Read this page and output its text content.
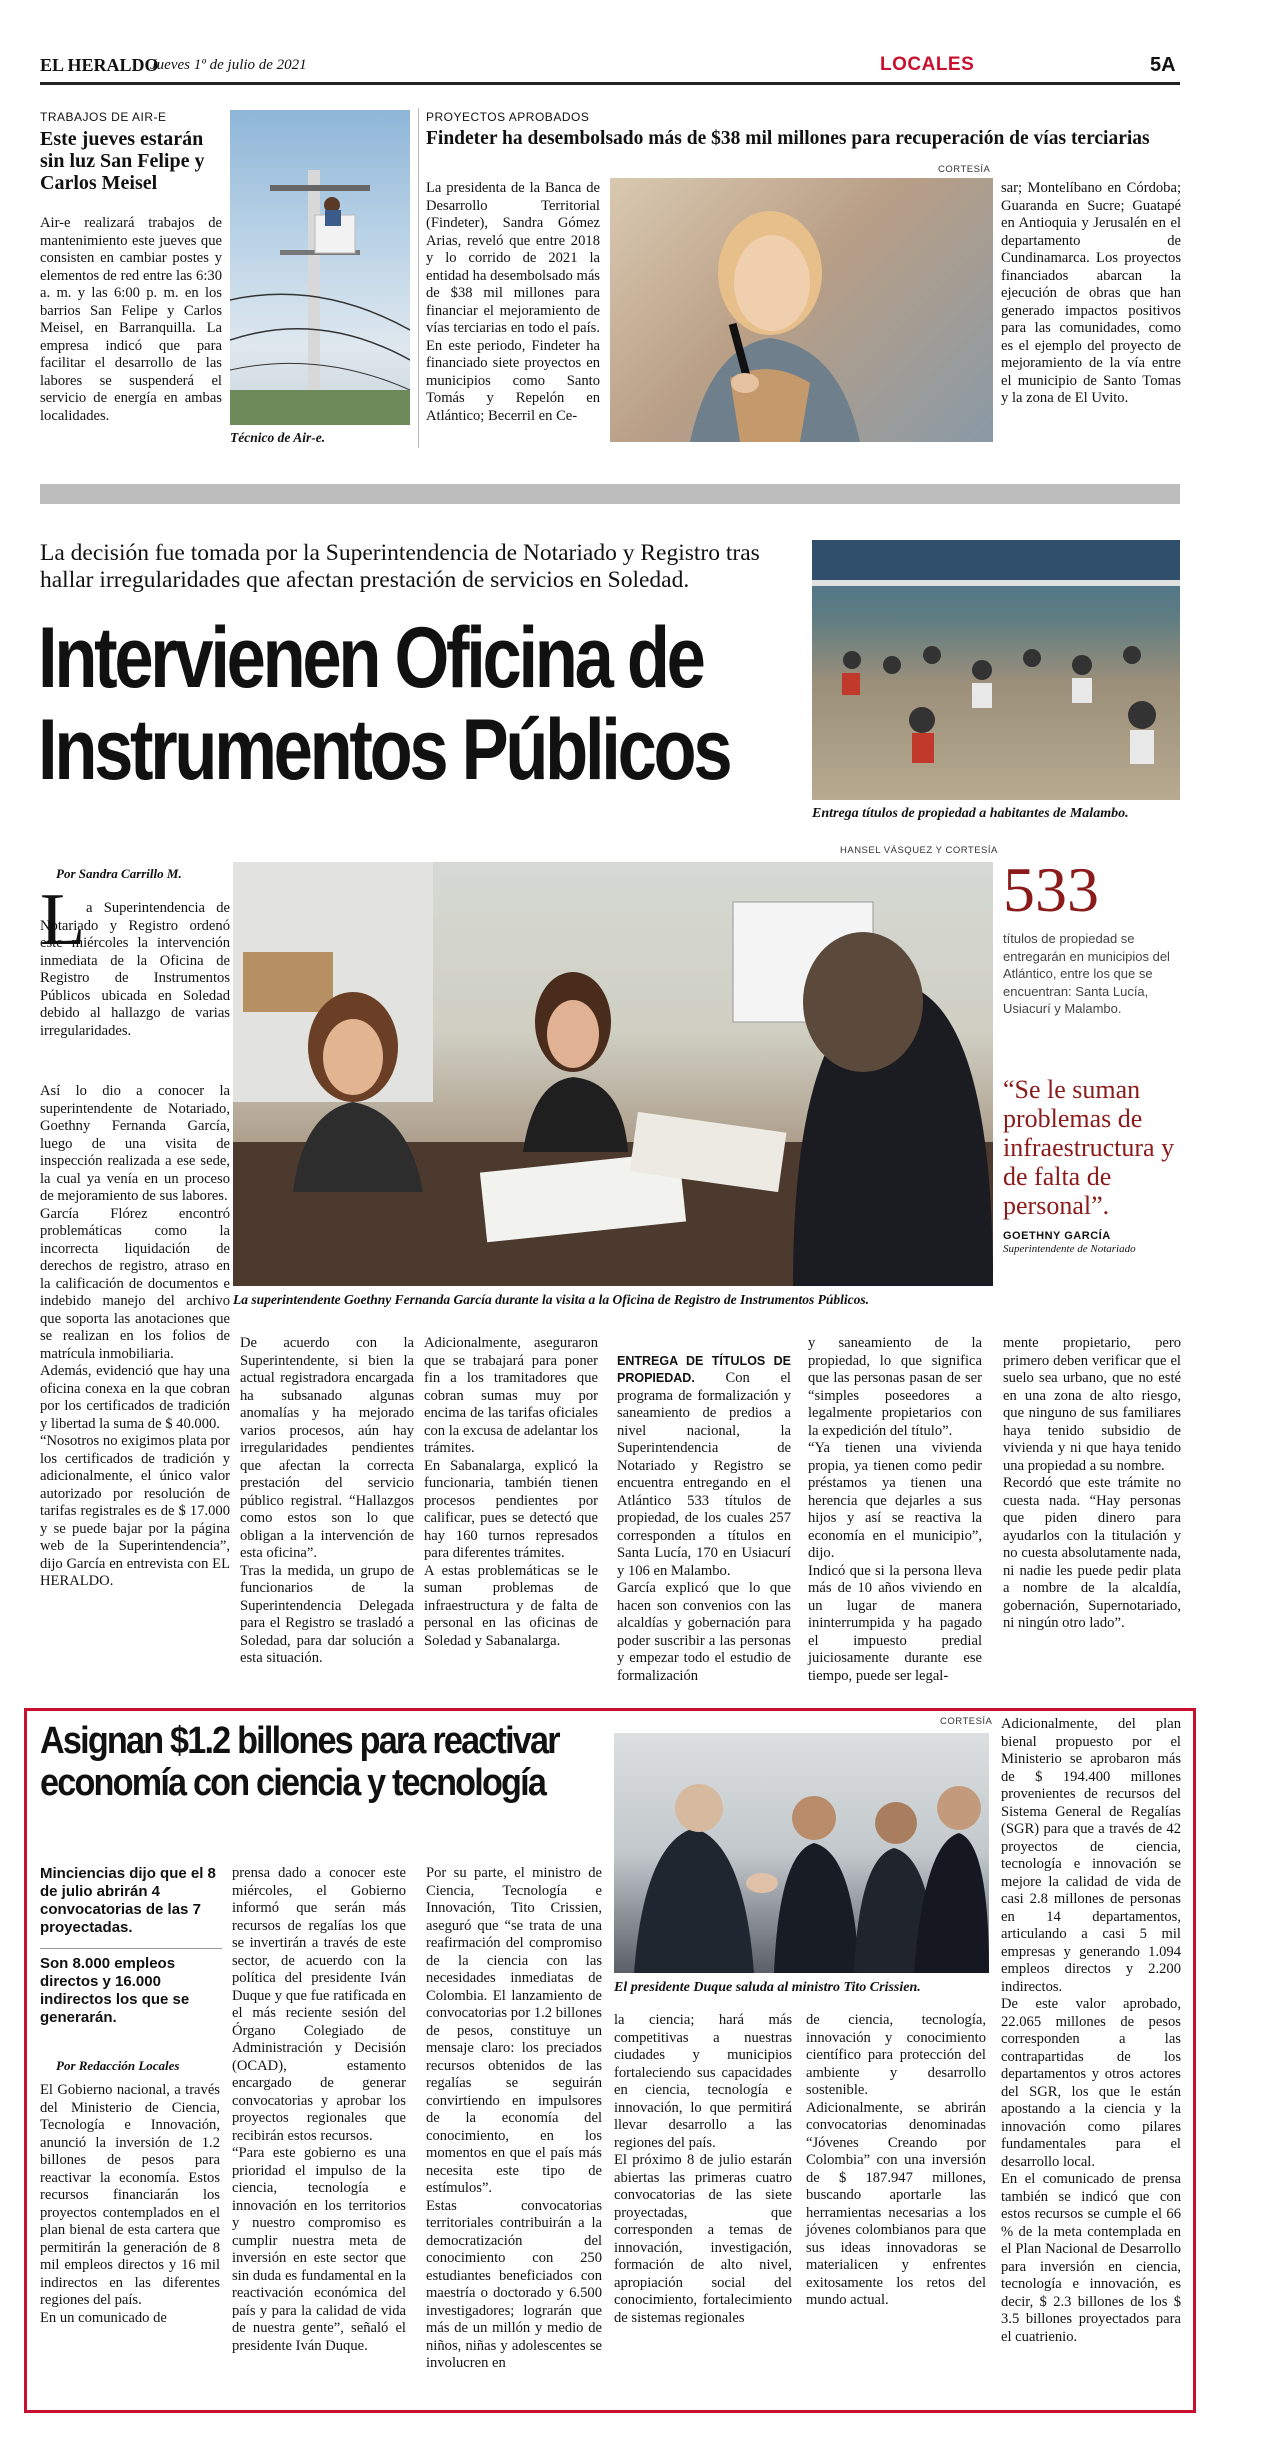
EL HERALDO
Jueves 1º de julio de 2021	LOCALES	5A
TRABAJOS DE AIR-E
Este jueves estarán sin luz San Felipe y Carlos Meisel
Air-e realizará trabajos de mantenimiento este jueves que consisten en cambiar postes y elementos de red entre las 6:30 a. m. y las 6:00 p. m. en los barrios San Felipe y Carlos Meisel, en Barranquilla. La empresa indicó que para facilitar el desarrollo de las labores se suspenderá el servicio de energía en ambas localidades.
Técnico de Air-e.
PROYECTOS APROBADOS
Findeter ha desembolsado más de $38 mil millones para recuperación de vías terciarias
CORTESÍA
La presidenta de la Banca de Desarrollo Territorial (Findeter), Sandra Gómez Arias, reveló que entre 2018 y lo corrido de 2021 la entidad ha desembolsado más de $38 mil millones para financiar el mejoramiento de vías terciarias en todo el país. En este periodo, Findeter ha financiado siete proyectos en municipios como Santo Tomás y Repelón en Atlántico; Becerril en Ce-
sar; Montelíbano en Córdoba; Guaranda en Sucre; Guatapé en Antioquia y Jerusalén en el departamento de Cundinamarca. Los proyectos financiados abarcan la ejecución de obras que han generado impactos positivos para las comunidades, como es el ejemplo del proyecto de mejoramiento de la vía entre el municipio de Santo Tomas y la zona de El Uvito.
La decisión fue tomada por la Superintendencia de Notariado y Registro tras hallar irregularidades que afectan prestación de servicios en Soledad.
Intervienen Oficina de
Instrumentos Públicos
Entrega títulos de propiedad a habitantes de Malambo.
HANSEL VÁSQUEZ Y CORTESÍA
Por Sandra Carrillo M.
L a Superintendencia de Notariado y Registro ordenó este miércoles la intervención inmediata de la Oficina de Registro de Instrumentos Públicos ubicada en Soledad debido al hallazgo de varias irregularidades.
Así lo dio a conocer la superintendente de Notariado, Goethny Fernanda García, luego de una visita de inspección realizada a ese sede, la cual ya venía en un proceso de mejoramiento de sus labores.
García Flórez encontró problemáticas como la incorrecta liquidación de derechos de registro, atraso en la calificación de documentos e indebido manejo del archivo que soporta las anotaciones que se realizan en los folios de matrícula inmobiliaria.
Además, evidenció que hay una oficina conexa en la que cobran por los certificados de tradición y libertad la suma de $ 40.000.
“Nosotros no exigimos plata por los certificados de tradición y adicionalmente, el único valor autorizado por resolución de tarifas registrales es de $ 17.000 y se puede bajar por la página web de la Superintendencia”, dijo García en entrevista con EL HERALDO.
La superintendente Goethny Fernanda García durante la visita a la Oficina de Registro de Instrumentos Públicos.
533
títulos de propiedad se entregarán en municipios del Atlántico, entre los que se encuentran: Santa Lucía, Usiacurí y Malambo.
“Se le suman problemas de infraestructura y de falta de personal”.
GOETHNY GARCÍA
Superintendente de Notariado
De acuerdo con la Superintendente, si bien la actual registradora encargada ha subsanado algunas anomalías y ha mejorado varios procesos, aún hay irregularidades pendientes que afectan la correcta prestación del servicio público registral. “Hallazgos como estos son lo que obligan a la intervención de esta oficina”.
Tras la medida, un grupo de funcionarios de la Superintendencia Delegada para el Registro se trasladó a Soledad, para dar solución a esta situación.
Adicionalmente, aseguraron que se trabajará para poner fin a los tramitadores que cobran sumas muy por encima de las tarifas oficiales con la excusa de adelantar los trámites.
En Sabanalarga, explicó la funcionaria, también tienen procesos pendientes por calificar, pues se detectó que hay 160 turnos represados para diferentes trámites.
A estas problemáticas se le suman problemas de infraestructura y de falta de personal en las oficinas de Soledad y Sabanalarga.

ENTREGA DE TÍTULOS DE PROPIEDAD. Con el programa de formalización y saneamiento de predios a nivel nacional, la Superintendencia de Notariado y Registro se encuentra entregando en el Atlántico 533 títulos de propiedad, de los cuales 257 corresponden a títulos en Santa Lucía, 170 en Usiacurí y 106 en Malambo.
García explicó que lo que hacen son convenios con las alcaldías y gobernación para poder suscribir a las personas y empezar todo el estudio de formalización

y saneamiento de la propiedad, lo que significa que las personas pasan de ser “simples poseedores a legalmente propietarios con la expedición del título”.
“Ya tienen una vivienda propia, ya tienen como pedir préstamos ya tienen una herencia que dejarles a sus hijos y así se reactiva la economía en el municipio”, dijo.
Indicó que si la persona lleva más de 10 años viviendo en un lugar de manera ininterrumpida y ha pagado el impuesto predial juiciosamente durante ese tiempo, puede ser legal-
mente propietario, pero primero deben verificar que el suelo sea urbano, que no esté en una zona de alto riesgo, que ninguno de sus familiares haya tenido subsidio de vivienda y ni que haya tenido una propiedad a su nombre.
Recordó que este trámite no cuesta nada. “Hay personas que piden dinero para ayudarlos con la titulación y no cuesta absolutamente nada, ni nadie les puede pedir plata a nombre de la alcaldía, gobernación, Supernotariado, ni ningún otro lado”.
Asignan $1.2 billones para reactivar economía con ciencia y tecnología
CORTESÍA
Minciencias dijo que el 8 de julio abrirán 4 convocatorias de las 7 proyectadas.
Son 8.000 empleos directos y 16.000 indirectos los que se generarán.
Por Redacción Locales
El Gobierno nacional, a través del Ministerio de Ciencia, Tecnología e Innovación, anunció la inversión de 1.2 billones de pesos para reactivar la economía. Estos recursos financiarán los proyectos contemplados en el plan bienal de esta cartera que permitirán la generación de 8 mil empleos directos y 16 mil indirectos en las diferentes regiones del país.
En un comunicado de
prensa dado a conocer este miércoles, el Gobierno informó que serán más recursos de regalías los que se invertirán a través de este sector, de acuerdo con la política del presidente Iván Duque y que fue ratificada en el más reciente sesión del Órgano Colegiado de Administración y Decisión (OCAD), estamento encargado de generar convocatorias y aprobar los proyectos regionales que recibirán estos recursos.
“Para este gobierno es una prioridad el impulso de la ciencia, tecnología e innovación en los territorios y nuestro compromiso es cumplir nuestra meta de inversión en este sector que sin duda es fundamental en la reactivación económica del país y para la calidad de vida de nuestra gente”, señaló el presidente Iván Duque.
Por su parte, el ministro de Ciencia, Tecnología e Innovación, Tito Crissien, aseguró que “se trata de una reafirmación del compromiso de la ciencia con las necesidades inmediatas de Colombia. El lanzamiento de convocatorias por 1.2 billones de pesos, constituye un mensaje claro: los preciados recursos obtenidos de las regalías se seguirán convirtiendo en impulsores de la economía del conocimiento, en los momentos en que el país más necesita este tipo de estímulos”.
Estas convocatorias territoriales contribuirán a la democratización del conocimiento con 250 estudiantes beneficiados con maestría o doctorado y 6.500 investigadores; lograrán que más de un millón y medio de niños, niñas y adolescentes se involucren en
El presidente Duque saluda al ministro Tito Crissien.
la ciencia; hará más competitivas a nuestras ciudades y municipios fortaleciendo sus capacidades en ciencia, tecnología e innovación, lo que permitirá llevar desarrollo a las regiones del país.
El próximo 8 de julio estarán abiertas las primeras cuatro convocatorias de las siete proyectadas, que corresponden a temas de innovación, investigación, formación de alto nivel, apropiación social del conocimiento, fortalecimiento de sistemas regionales
de ciencia, tecnología, innovación y conocimiento científico para protección del ambiente y desarrollo sostenible.
Adicionalmente, se abrirán convocatorias denominadas “Jóvenes Creando por Colombia” con una inversión de $ 187.947 millones, buscando aportarle las herramientas necesarias a los jóvenes colombianos para que sus ideas innovadoras se materialicen y enfrentes exitosamente los retos del mundo actual.
Adicionalmente, del plan bienal propuesto por el Ministerio se aprobaron más de $ 194.400 millones provenientes de recursos del Sistema General de Regalías (SGR) para que a través de 42 proyectos de ciencia, tecnología e innovación se mejore la calidad de vida de casi 2.8 millones de personas en 14 departamentos, articulando a casi 5 mil empresas y generando 1.094 empleos directos y 2.200 indirectos.
De este valor aprobado, 22.065 millones de pesos corresponden a las contrapartidas de los departamentos y otros actores del SGR, los que le están apostando a la ciencia y la innovación como pilares fundamentales para el desarrollo local.
En el comunicado de prensa también se indicó que con estos recursos se cumple el 66 % de la meta contemplada en el Plan Nacional de Desarrollo para inversión en ciencia, tecnología e innovación, es decir, $ 2.3 billones de los $ 3.5 billones proyectados para el cuatrienio.
